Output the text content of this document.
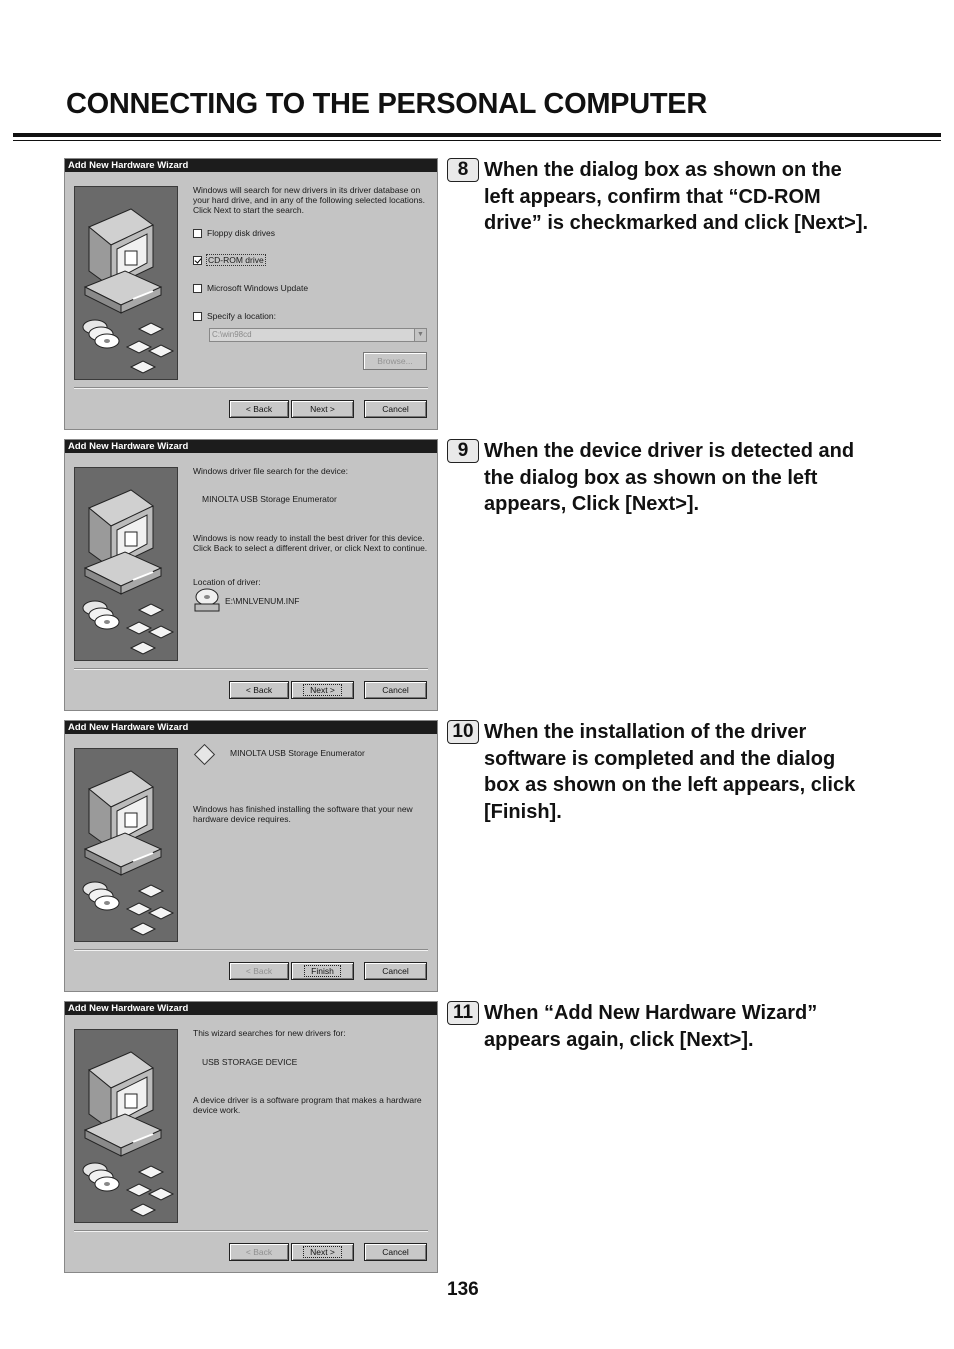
CONNECTING TO THE PERSONAL COMPUTER
Add New Hardware Wizard
Windows will search for new drivers in its driver database on your hard drive, and in any of the following selected locations. Click Next to start the search.
Floppy disk drives
CD-ROM drive
Microsoft Windows Update
Specify a location:
C:\win98cd	▼
Browse...
< Back	Next >	Cancel
Add New Hardware Wizard
Windows driver file search for the device:
MINOLTA USB Storage Enumerator
Windows is now ready to install the best driver for this device. Click Back to select a different driver, or click Next to continue.
Location of driver:
E:\MNLVENUM.INF
< Back	Next >	Cancel
Add New Hardware Wizard
MINOLTA USB Storage Enumerator
Windows has finished installing the software that your new hardware device requires.
< Back	Finish	Cancel
Add New Hardware Wizard
This wizard searches for new drivers for:
USB STORAGE DEVICE
A device driver is a software program that makes a hardware device work.
< Back	Next >	Cancel
8 When the dialog box as shown on the left appears, confirm that “CD-ROM drive” is checkmarked and click [Next>].
9 When the device driver is detected and the dialog box as shown on the left appears, Click [Next>].
10 When the installation of the driver software is completed and the dialog box as shown on the left appears, click [Finish].
11 When “Add New Hardware Wizard” appears again, click [Next>].
136
